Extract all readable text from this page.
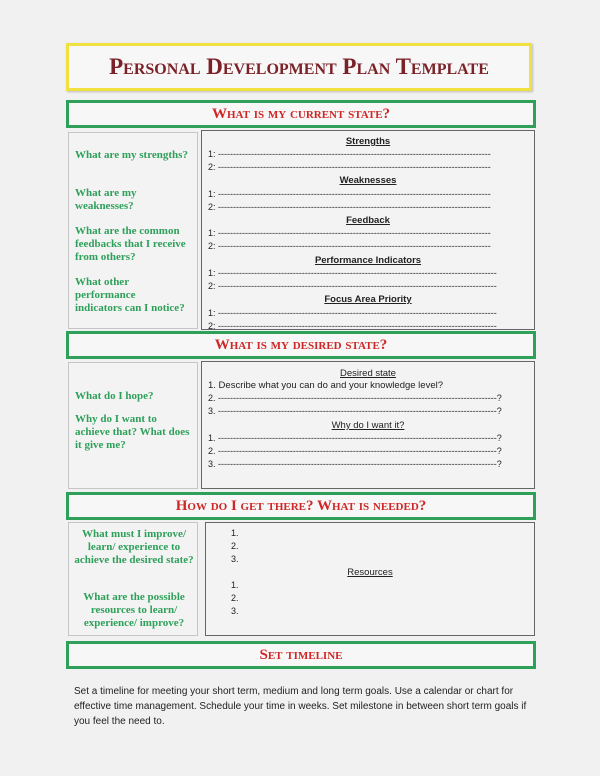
Personal Development Plan Template
What is my current state?
What are my strengths?
What are my weaknesses?
What are the common feedbacks that I receive from others?
What other performance indicators can I notice?
Strengths
1: -------------------------------------------------------------------------------------------
2: -------------------------------------------------------------------------------------------
Weaknesses
1: -------------------------------------------------------------------------------------------
2: -------------------------------------------------------------------------------------------
Feedback
1: -------------------------------------------------------------------------------------------
2: -------------------------------------------------------------------------------------------
Performance Indicators
1: ---------------------------------------------------------------------------------------------
2: ---------------------------------------------------------------------------------------------
Focus Area Priority
1: ---------------------------------------------------------------------------------------------
2: ---------------------------------------------------------------------------------------------
What is my desired state?
What do I hope?
Why do I want to achieve that? What does it give me?
Desired state
1. Describe what you can do and your knowledge level?
2. ---------------------------------------------------------------------------------------------?
3. ---------------------------------------------------------------------------------------------?
Why do I want it?
1. ---------------------------------------------------------------------------------------------?
2. ---------------------------------------------------------------------------------------------?
3. ---------------------------------------------------------------------------------------------?
How do I get there? What is needed?
What must I improve/ learn/ experience to achieve the desired state?
What are the possible resources to learn/ experience/ improve?
1.
2.
3.
Resources
1.
2.
3.
Set timeline
Set a timeline for meeting your short term, medium and long term goals. Use a calendar or chart for effective time management. Schedule your time in weeks. Set milestone in between short term goals if you feel the need to.
